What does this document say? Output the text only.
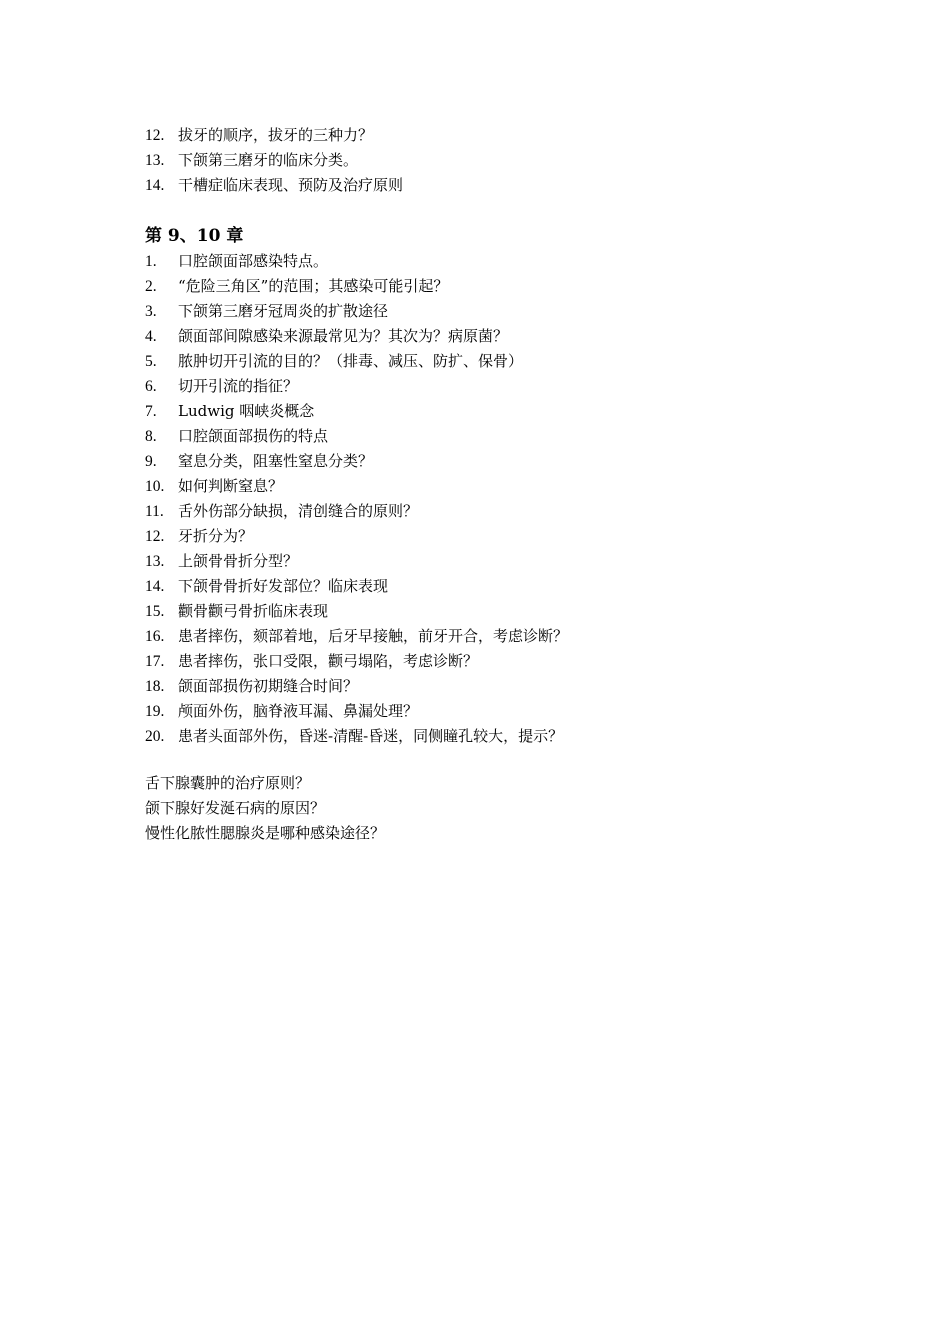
12. 拔牙的顺序，拔牙的三种力？
13. 下颌第三磨牙的临床分类。
14. 干槽症临床表现、预防及治疗原则
第 9、10 章
1.	口腔颌面部感染特点。
2.	“危险三角区”的范围；其感染可能引起？
3.	下颌第三磨牙冠周炎的扩散途径
4.	颌面部间隙感染来源最常见为？其次为？病原菌？
5.	脓肿切开引流的目的？（排毒、减压、防扩、保骨）
6.	切开引流的指征？
7.	Ludwig 咽峡炎概念
8.	口腔颌面部损伤的特点
9.	窒息分类，阻塞性窒息分类？
10. 如何判断窒息？
11. 舌外伤部分缺损，清创缝合的原则？
12. 牙折分为？
13. 上颌骨骨折分型？
14. 下颌骨骨折好发部位？临床表现
15. 颧骨颧弓骨折临床表现
16. 患者摔伤，颏部着地，后牙早接触，前牙开合，考虑诊断？
17. 患者摔伤，张口受限，颧弓塌陷，考虑诊断？
18. 颌面部损伤初期缝合时间？
19. 颅面外伤，脑脊液耳漏、鼻漏处理？
20. 患者头面部外伤，昏迷-清醒-昏迷，同侧瞳孔较大，提示？

舌下腺囊肿的治疗原则？

颌下腺好发涎石病的原因？

慢性化脓性腮腺炎是哪种感染途径？
